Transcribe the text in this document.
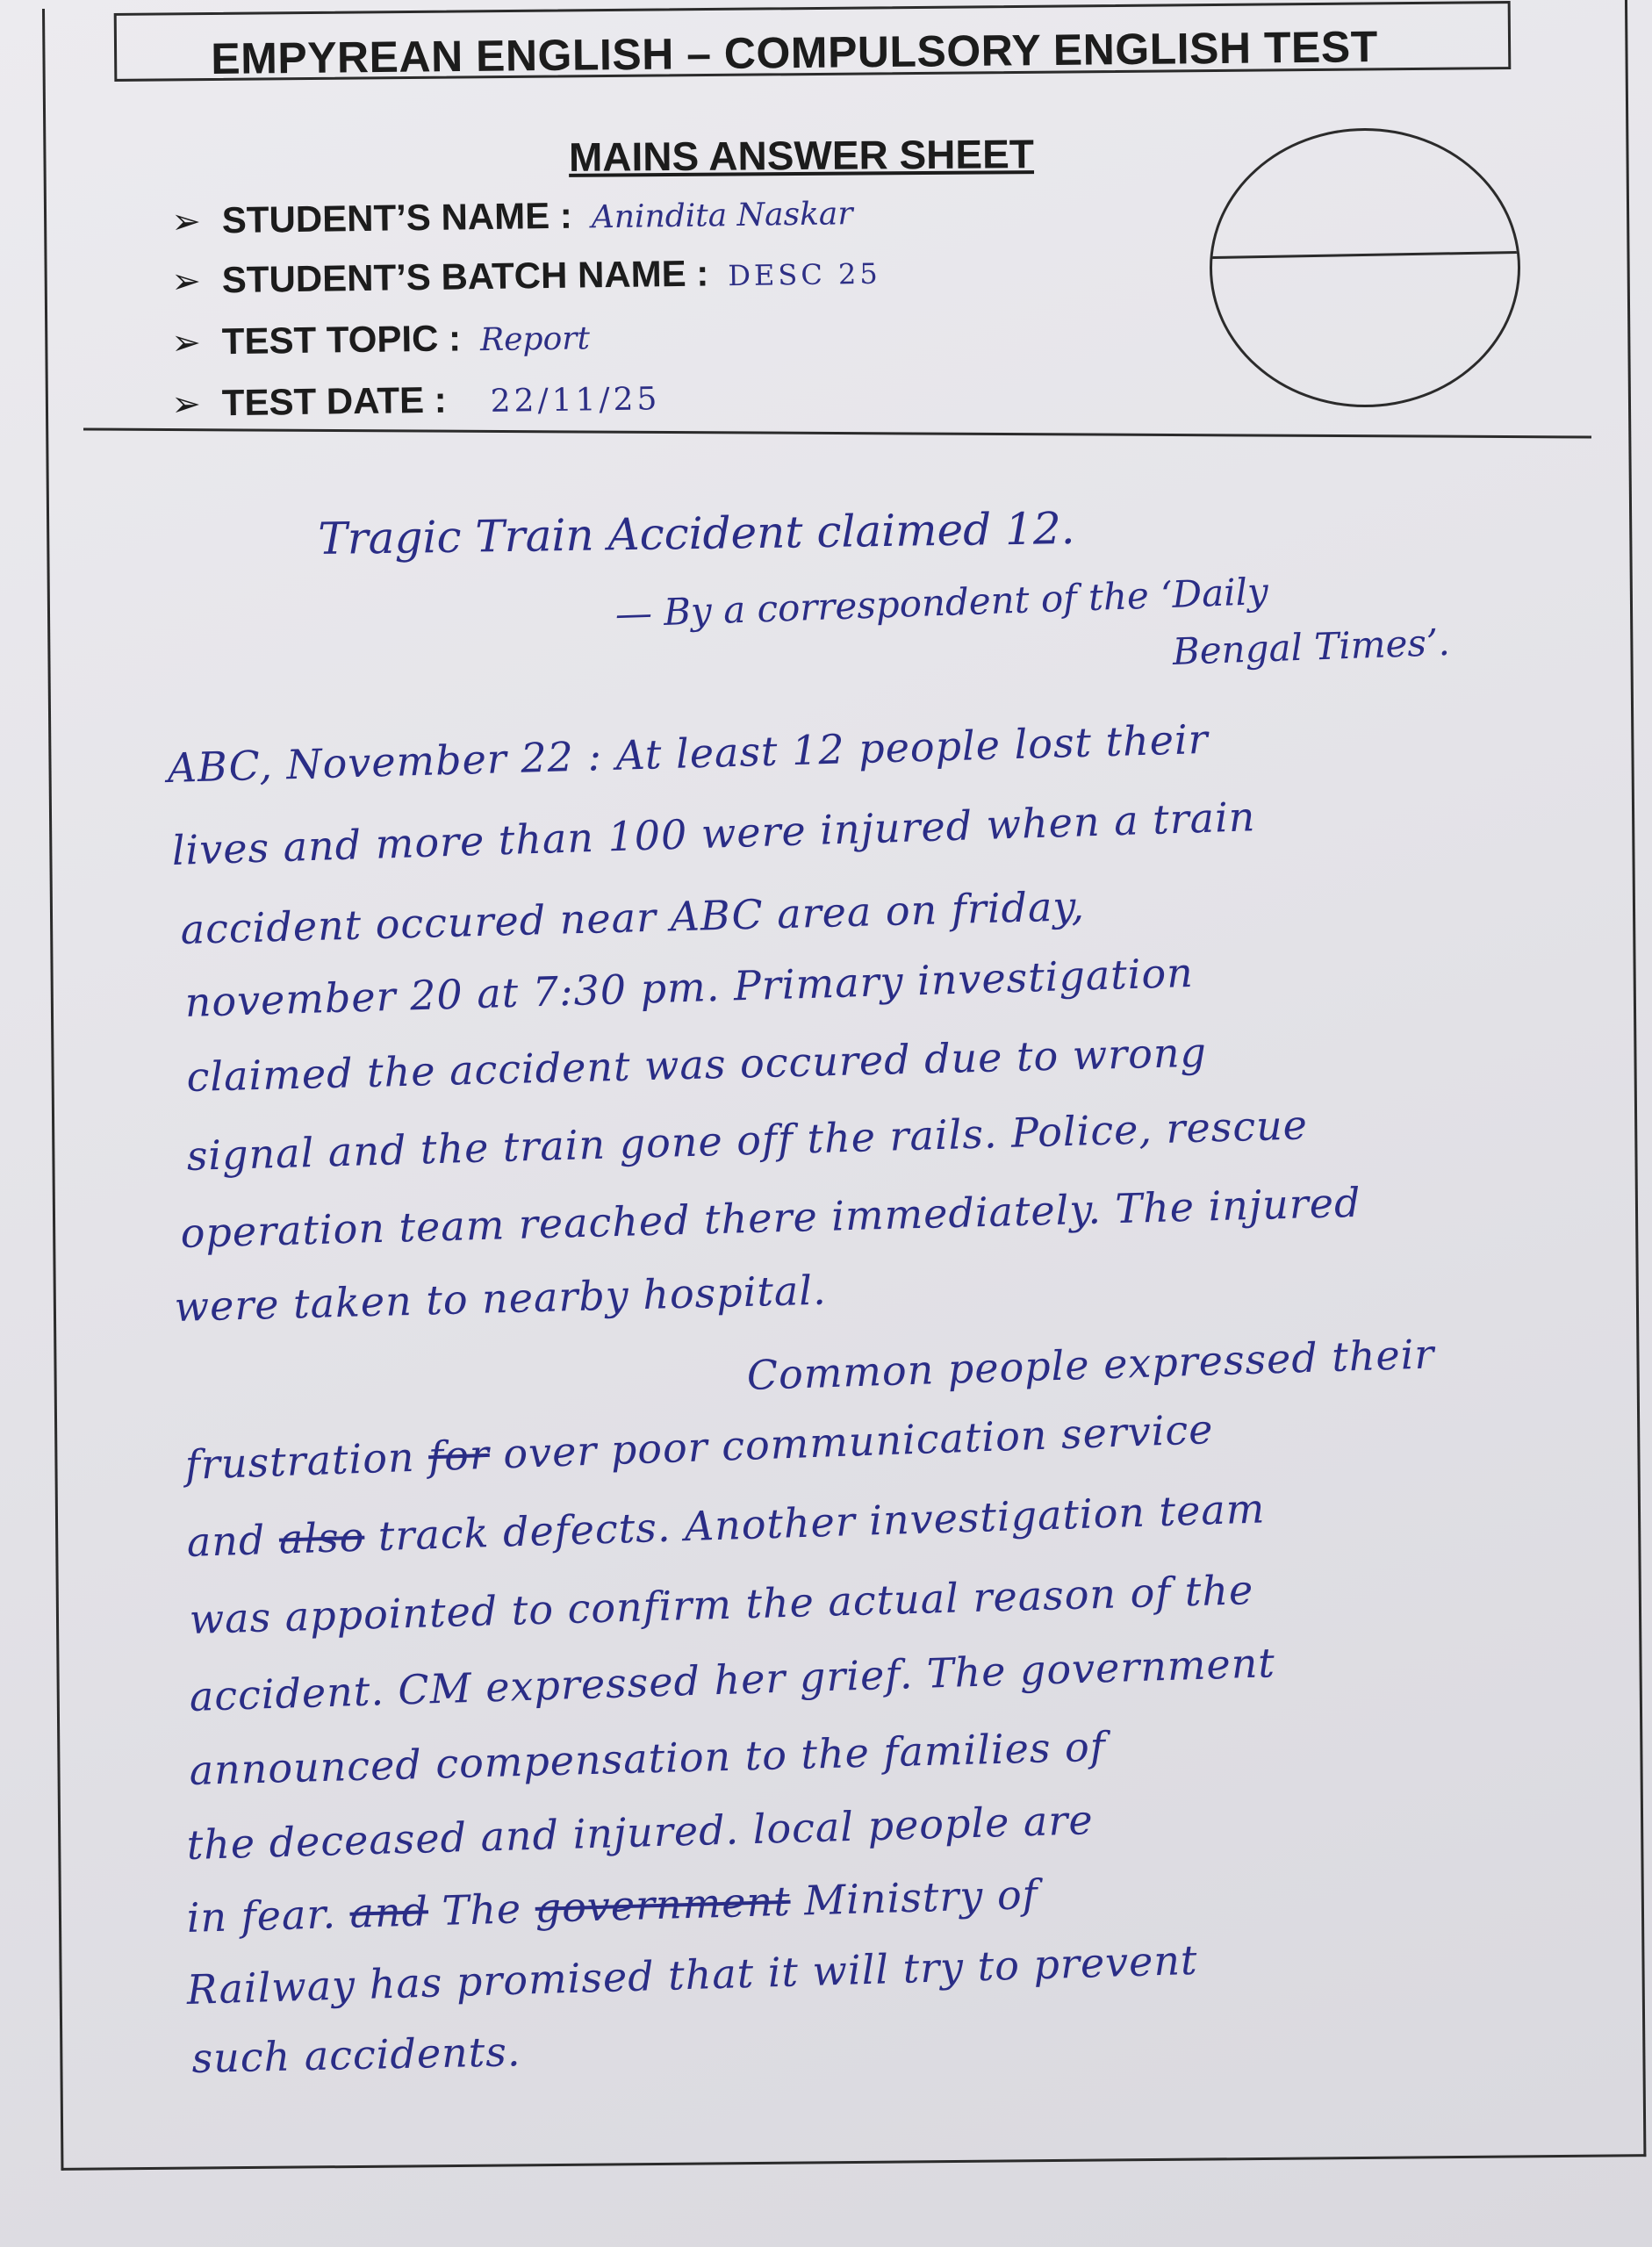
EMPYREAN ENGLISH – COMPULSORY ENGLISH TEST
MAINS ANSWER SHEET
➢ STUDENT’S NAME : Anindita Naskar
➢ STUDENT’S BATCH NAME : DESC 25
➢ TEST TOPIC : Report
➢ TEST DATE : 22/11/25
Tragic Train Accident claimed 12.
— By a correspondent of the ‘Daily
Bengal Times’.
ABC, November 22 : At least 12 people lost their
lives and more than 100 were injured when a train
accident occured near ABC area on friday,
november 20 at 7:30 pm. Primary investigation
claimed the accident was occured due to wrong
signal and the train gone off the rails. Police, rescue
operation team reached there immediately. The injured
were taken to nearby hospital.
Common people expressed their
frustration for over poor communication service
and also track defects. Another investigation team
was appointed to confirm the actual reason of the
accident. CM expressed her grief. The government
announced compensation to the families of
the deceased and injured. local people are
in fear. and The government Ministry of
Railway has promised that it will try to prevent
such accidents.
